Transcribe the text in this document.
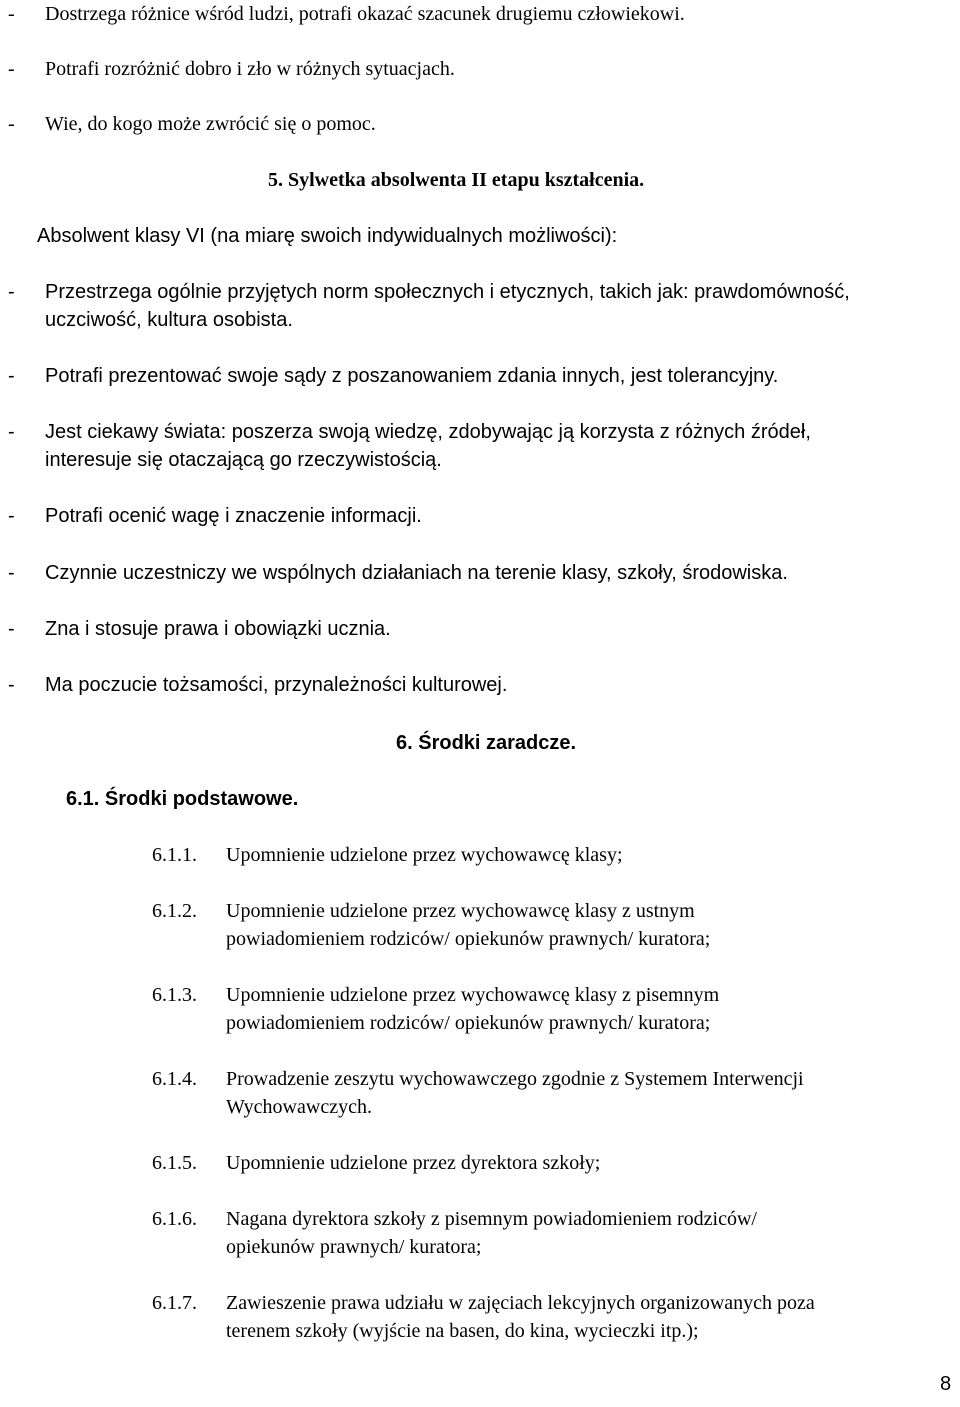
- Dostrzega różnice wśród ludzi, potrafi okazać szacunek drugiemu człowiekowi.
- Potrafi rozróżnić dobro i zło w różnych sytuacjach.
- Wie, do kogo może zwrócić się o pomoc.
5. Sylwetka absolwenta II etapu kształcenia.
Absolwent klasy VI (na miarę swoich indywidualnych możliwości):
- Przestrzega ogólnie przyjętych norm społecznych i etycznych, takich jak: prawdomówność,
uczciwość, kultura osobista.
- Potrafi prezentować swoje sądy z poszanowaniem zdania innych, jest tolerancyjny.
- Jest ciekawy świata: poszerza swoją wiedzę, zdobywając ją korzysta z różnych źródeł,
interesuje się otaczającą go rzeczywistością.
- Potrafi ocenić wagę i znaczenie informacji.
- Czynnie uczestniczy we wspólnych działaniach na terenie klasy, szkoły, środowiska.
- Zna i stosuje prawa i obowiązki ucznia.
- Ma poczucie tożsamości, przynależności kulturowej.
6. Środki zaradcze.
6.1. Środki podstawowe.
6.1.1. Upomnienie udzielone przez wychowawcę klasy;
6.1.2. Upomnienie udzielone przez wychowawcę klasy z ustnym
powiadomieniem rodziców/ opiekunów prawnych/ kuratora;
6.1.3. Upomnienie udzielone przez wychowawcę klasy z pisemnym
powiadomieniem rodziców/ opiekunów prawnych/ kuratora;
6.1.4. Prowadzenie zeszytu wychowawczego zgodnie z Systemem Interwencji
Wychowawczych.
6.1.5. Upomnienie udzielone przez dyrektora szkoły;
6.1.6. Nagana dyrektora szkoły z pisemnym powiadomieniem rodziców/
opiekunów prawnych/ kuratora;
6.1.7. Zawieszenie prawa udziału w zajęciach lekcyjnych organizowanych poza
terenem szkoły (wyjście na basen, do kina, wycieczki itp.);
8
